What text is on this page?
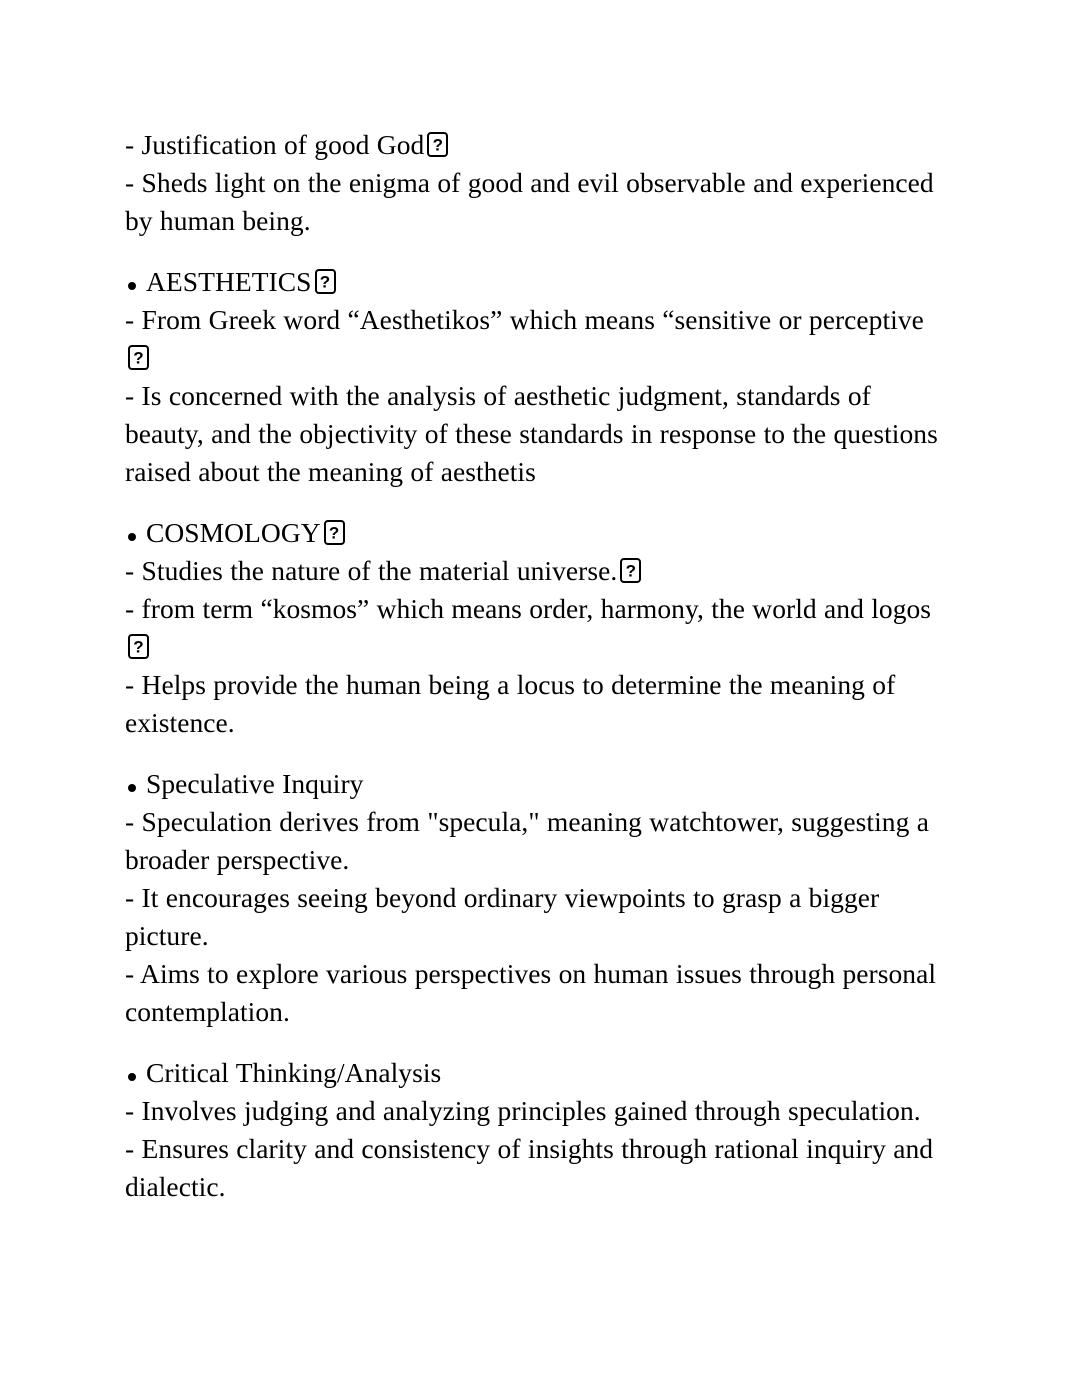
- Justification of good God?

- Sheds light on the enigma of good and evil observable and experienced by human being.

AESTHETICS?

- From Greek word “Aesthetikos” which means “sensitive or perceptive?

- Is concerned with the analysis of aesthetic judgment, standards of beauty, and the objectivity of these standards in response to the questions raised about the meaning of aesthetis

COSMOLOGY?

- Studies the nature of the material universe.?

- from term “kosmos” which means order, harmony, the world and logos?

- Helps provide the human being a locus to determine the meaning of existence.

Speculative Inquiry

- Speculation derives from "specula," meaning watchtower, suggesting a broader perspective.

- It encourages seeing beyond ordinary viewpoints to grasp a bigger picture.

- Aims to explore various perspectives on human issues through personal contemplation.

Critical Thinking/Analysis

- Involves judging and analyzing principles gained through speculation.

- Ensures clarity and consistency of insights through rational inquiry and dialectic.
